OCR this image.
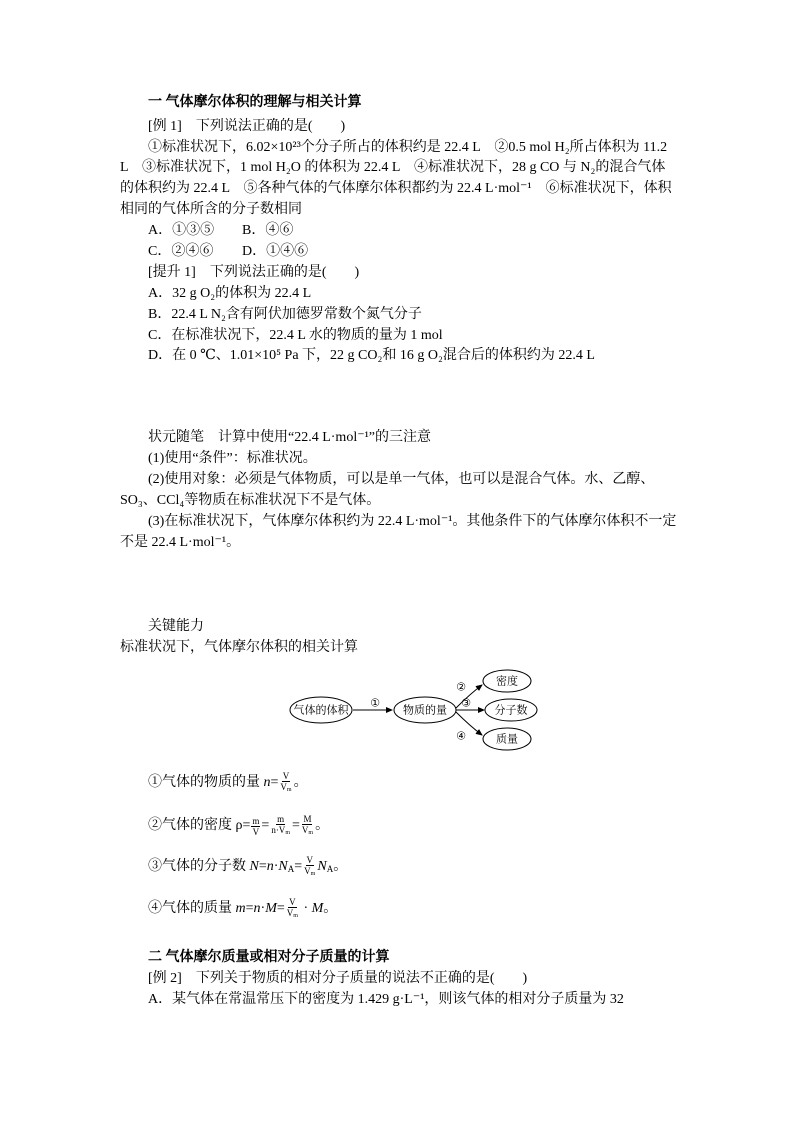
一 气体摩尔体积的理解与相关计算
[例 1]　下列说法正确的是(　　)
①标准状况下，6.02×10²³个分子所占的体积约是 22.4 L　②0.5 mol H₂所占体积为 11.2
L　③标准状况下，1 mol H₂O 的体积为 22.4 L　④标准状况下，28 g CO 与 N₂的混合气体
的体积约为 22.4 L　⑤各种气体的气体摩尔体积都约为 22.4 L·mol⁻¹　⑥标准状况下，体积
相同的气体所含的分子数相同
A．①③⑤ B．④⑥
C．②④⑥ D．①④⑥
[提升 1]　下列说法正确的是(　　)
A．32 g O₂的体积为 22.4 L
B．22.4 L N₂含有阿伏加德罗常数个氮气分子
C．在标准状况下，22.4 L 水的物质的量为 1 mol
D．在 0 ℃、1.01×10⁵ Pa 下，22 g CO₂和 16 g O₂混合后的体积约为 22.4 L
状元随笔　计算中使用“22.4 L·mol⁻¹”的三注意
(1)使用“条件”：标准状况。
(2)使用对象：必须是气体物质，可以是单一气体，也可以是混合气体。水、乙醇、
SO₃、CCl₄等物质在标准状况下不是气体。
(3)在标准状况下，气体摩尔体积约为 22.4 L·mol⁻¹。其他条件下的气体摩尔体积不一定
不是 22.4 L·mol⁻¹。
关键能力
标准状况下，气体摩尔体积的相关计算
气体的体积
①
物质的量
②
③
④
密度
分子数
质量
①气体的物质的量 $n= \frac{V}{V_m}$ 。
②气体的密度 $\rho= \frac{m}{V} = \frac{m}{n\cdot V_m} = \frac{M}{V_m}$ 。
③气体的分子数 $N=n\cdot N_A= \frac{V}{V_m} N_A$。
④气体的质量 $m=n\cdot M= \frac{V}{V_m} \cdot M$。
二 气体摩尔质量或相对分子质量的计算
[例 2]　下列关于物质的相对分子质量的说法不正确的是(　　)
A．某气体在常温常压下的密度为 1.429 g·L⁻¹，则该气体的相对分子质量为 32
